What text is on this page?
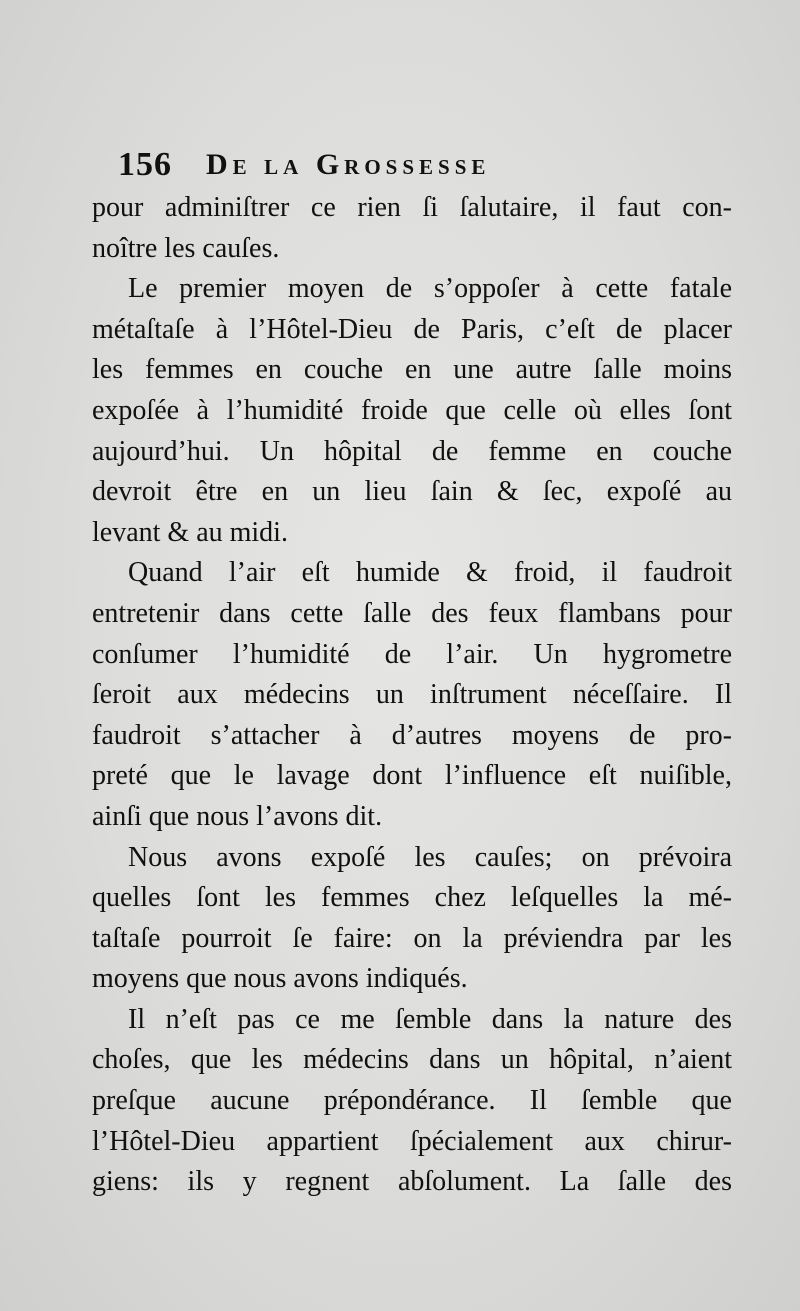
156 De la Grossesse
pour adminiſtrer ce rien ſi ſalutaire, il faut con-
noître les cauſes.
Le premier moyen de s’oppoſer à cette fatale
métaſtaſe à l’Hôtel-Dieu de Paris, c’eſt de placer
les femmes en couche en une autre ſalle moins
expoſée à l’humidité froide que celle où elles ſont
aujourd’hui. Un hôpital de femme en couche
devroit être en un lieu ſain & ſec, expoſé au
levant & au midi.
Quand l’air eſt humide & froid, il faudroit
entretenir dans cette ſalle des feux flambans pour
conſumer l’humidité de l’air. Un hygrometre
ſeroit aux médecins un inſtrument néceſſaire. Il
faudroit s’attacher à d’autres moyens de pro-
preté que le lavage dont l’influence eſt nuiſible,
ainſi que nous l’avons dit.
Nous avons expoſé les cauſes; on prévoira
quelles ſont les femmes chez leſquelles la mé-
taſtaſe pourroit ſe faire: on la préviendra par les
moyens que nous avons indiqués.
Il n’eſt pas ce me ſemble dans la nature des
choſes, que les médecins dans un hôpital, n’aient
preſque aucune prépondérance. Il ſemble que
l’Hôtel-Dieu appartient ſpécialement aux chirur-
giens: ils y regnent abſolument. La ſalle des
